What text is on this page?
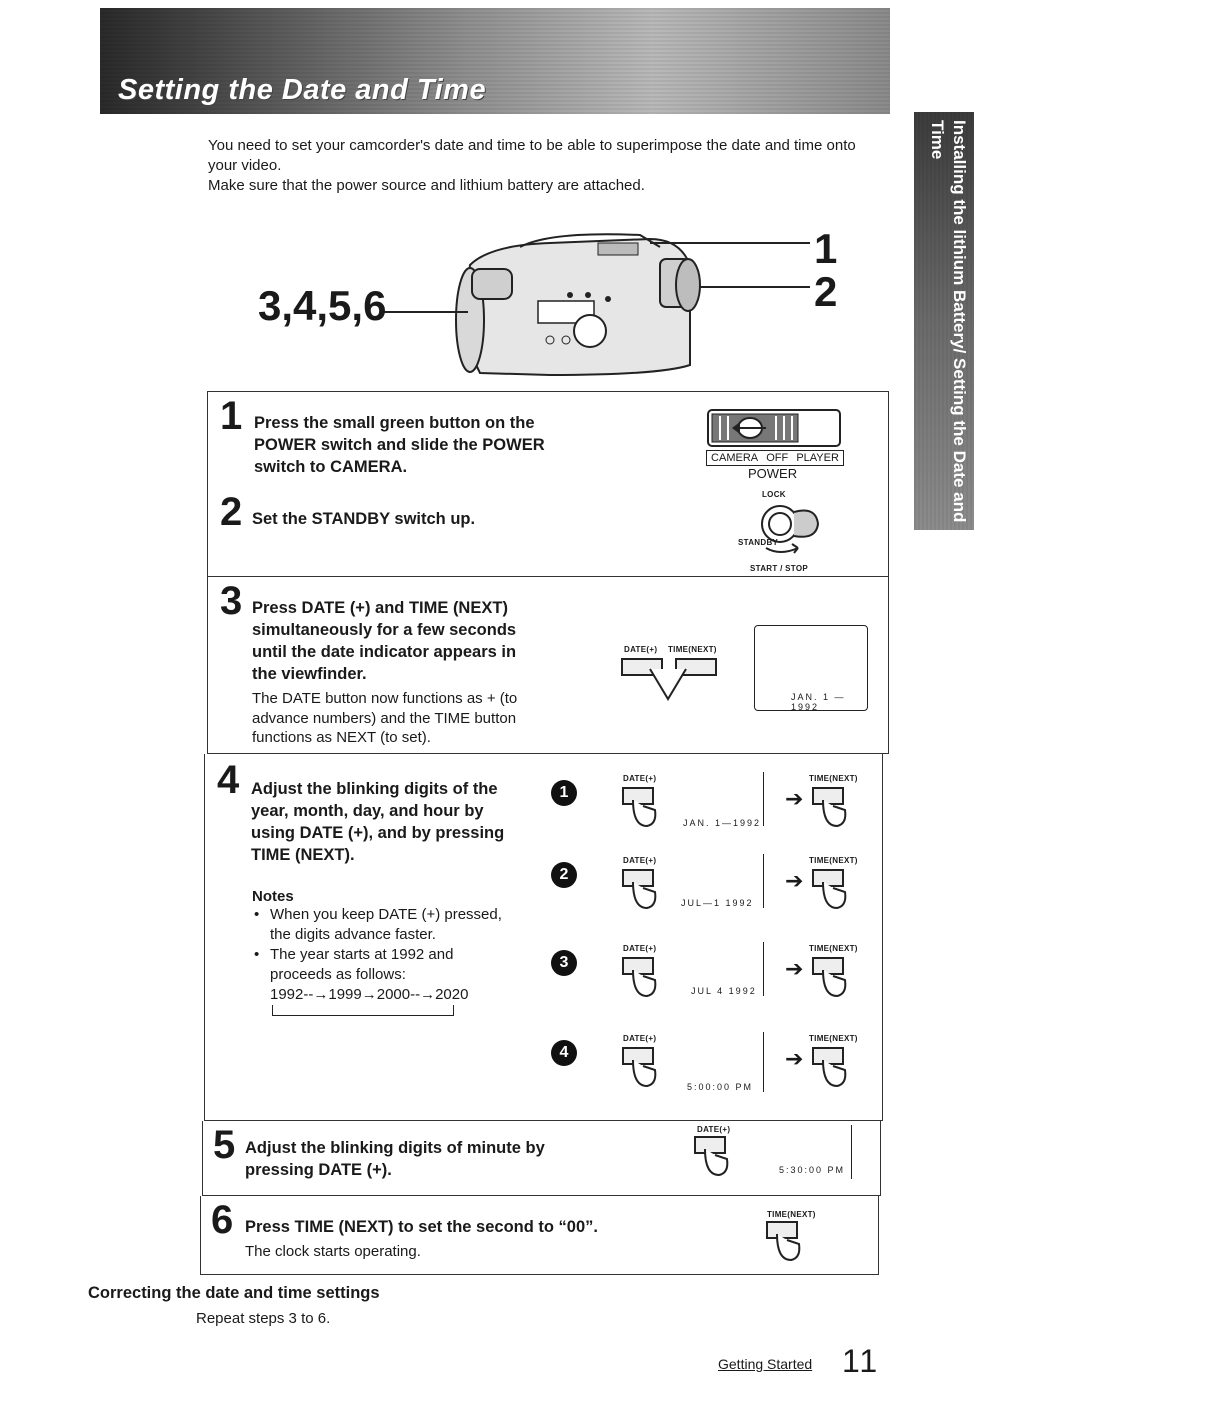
Setting the Date and Time
Installing the lithium Battery/ Setting the Date and Time
You need to set your camcorder's date and time to be able to superimpose the date and time onto your video.
Make sure that the power source and lithium battery are attached.
3,4,5,6
1
2
1 Press the small green button on the POWER switch and slide the POWER switch to CAMERA.	CAMERA OFF PLAYER
POWER
2 Set the STANDBY switch up.
LOCK
STANDBY
START / STOP
3 Press DATE (+) and TIME (NEXT) simultaneously for a few seconds until the date indicator appears in the viewfinder.
The DATE button now functions as + (to advance numbers) and the TIME button functions as NEXT (to set).
DATE(+) TIME(NEXT)
JAN. 1 — 1992
4 Adjust the blinking digits of the year, month, day, and hour by using DATE (+), and by pressing TIME (NEXT).
Notes
• When you keep DATE (+) pressed, the digits advance faster.
• The year starts at 1992 and proceeds as follows:
1992--→1999→2000--→2020
1
DATE(+)	TIME(NEXT)
JAN. 1—1992
➔
2
DATE(+)	TIME(NEXT)
JUL—1 1992
➔
3
DATE(+)	TIME(NEXT)
JUL 4 1992
➔
4
DATE(+)	TIME(NEXT)
5:00:00 PM
➔
5 Adjust the blinking digits of minute by pressing DATE (+).
DATE(+)
5:30:00 PM
6 Press TIME (NEXT) to set the second to “00”.
The clock starts operating.
TIME(NEXT)
Correcting the date and time settings
Repeat steps 3 to 6.
Getting Started 11
